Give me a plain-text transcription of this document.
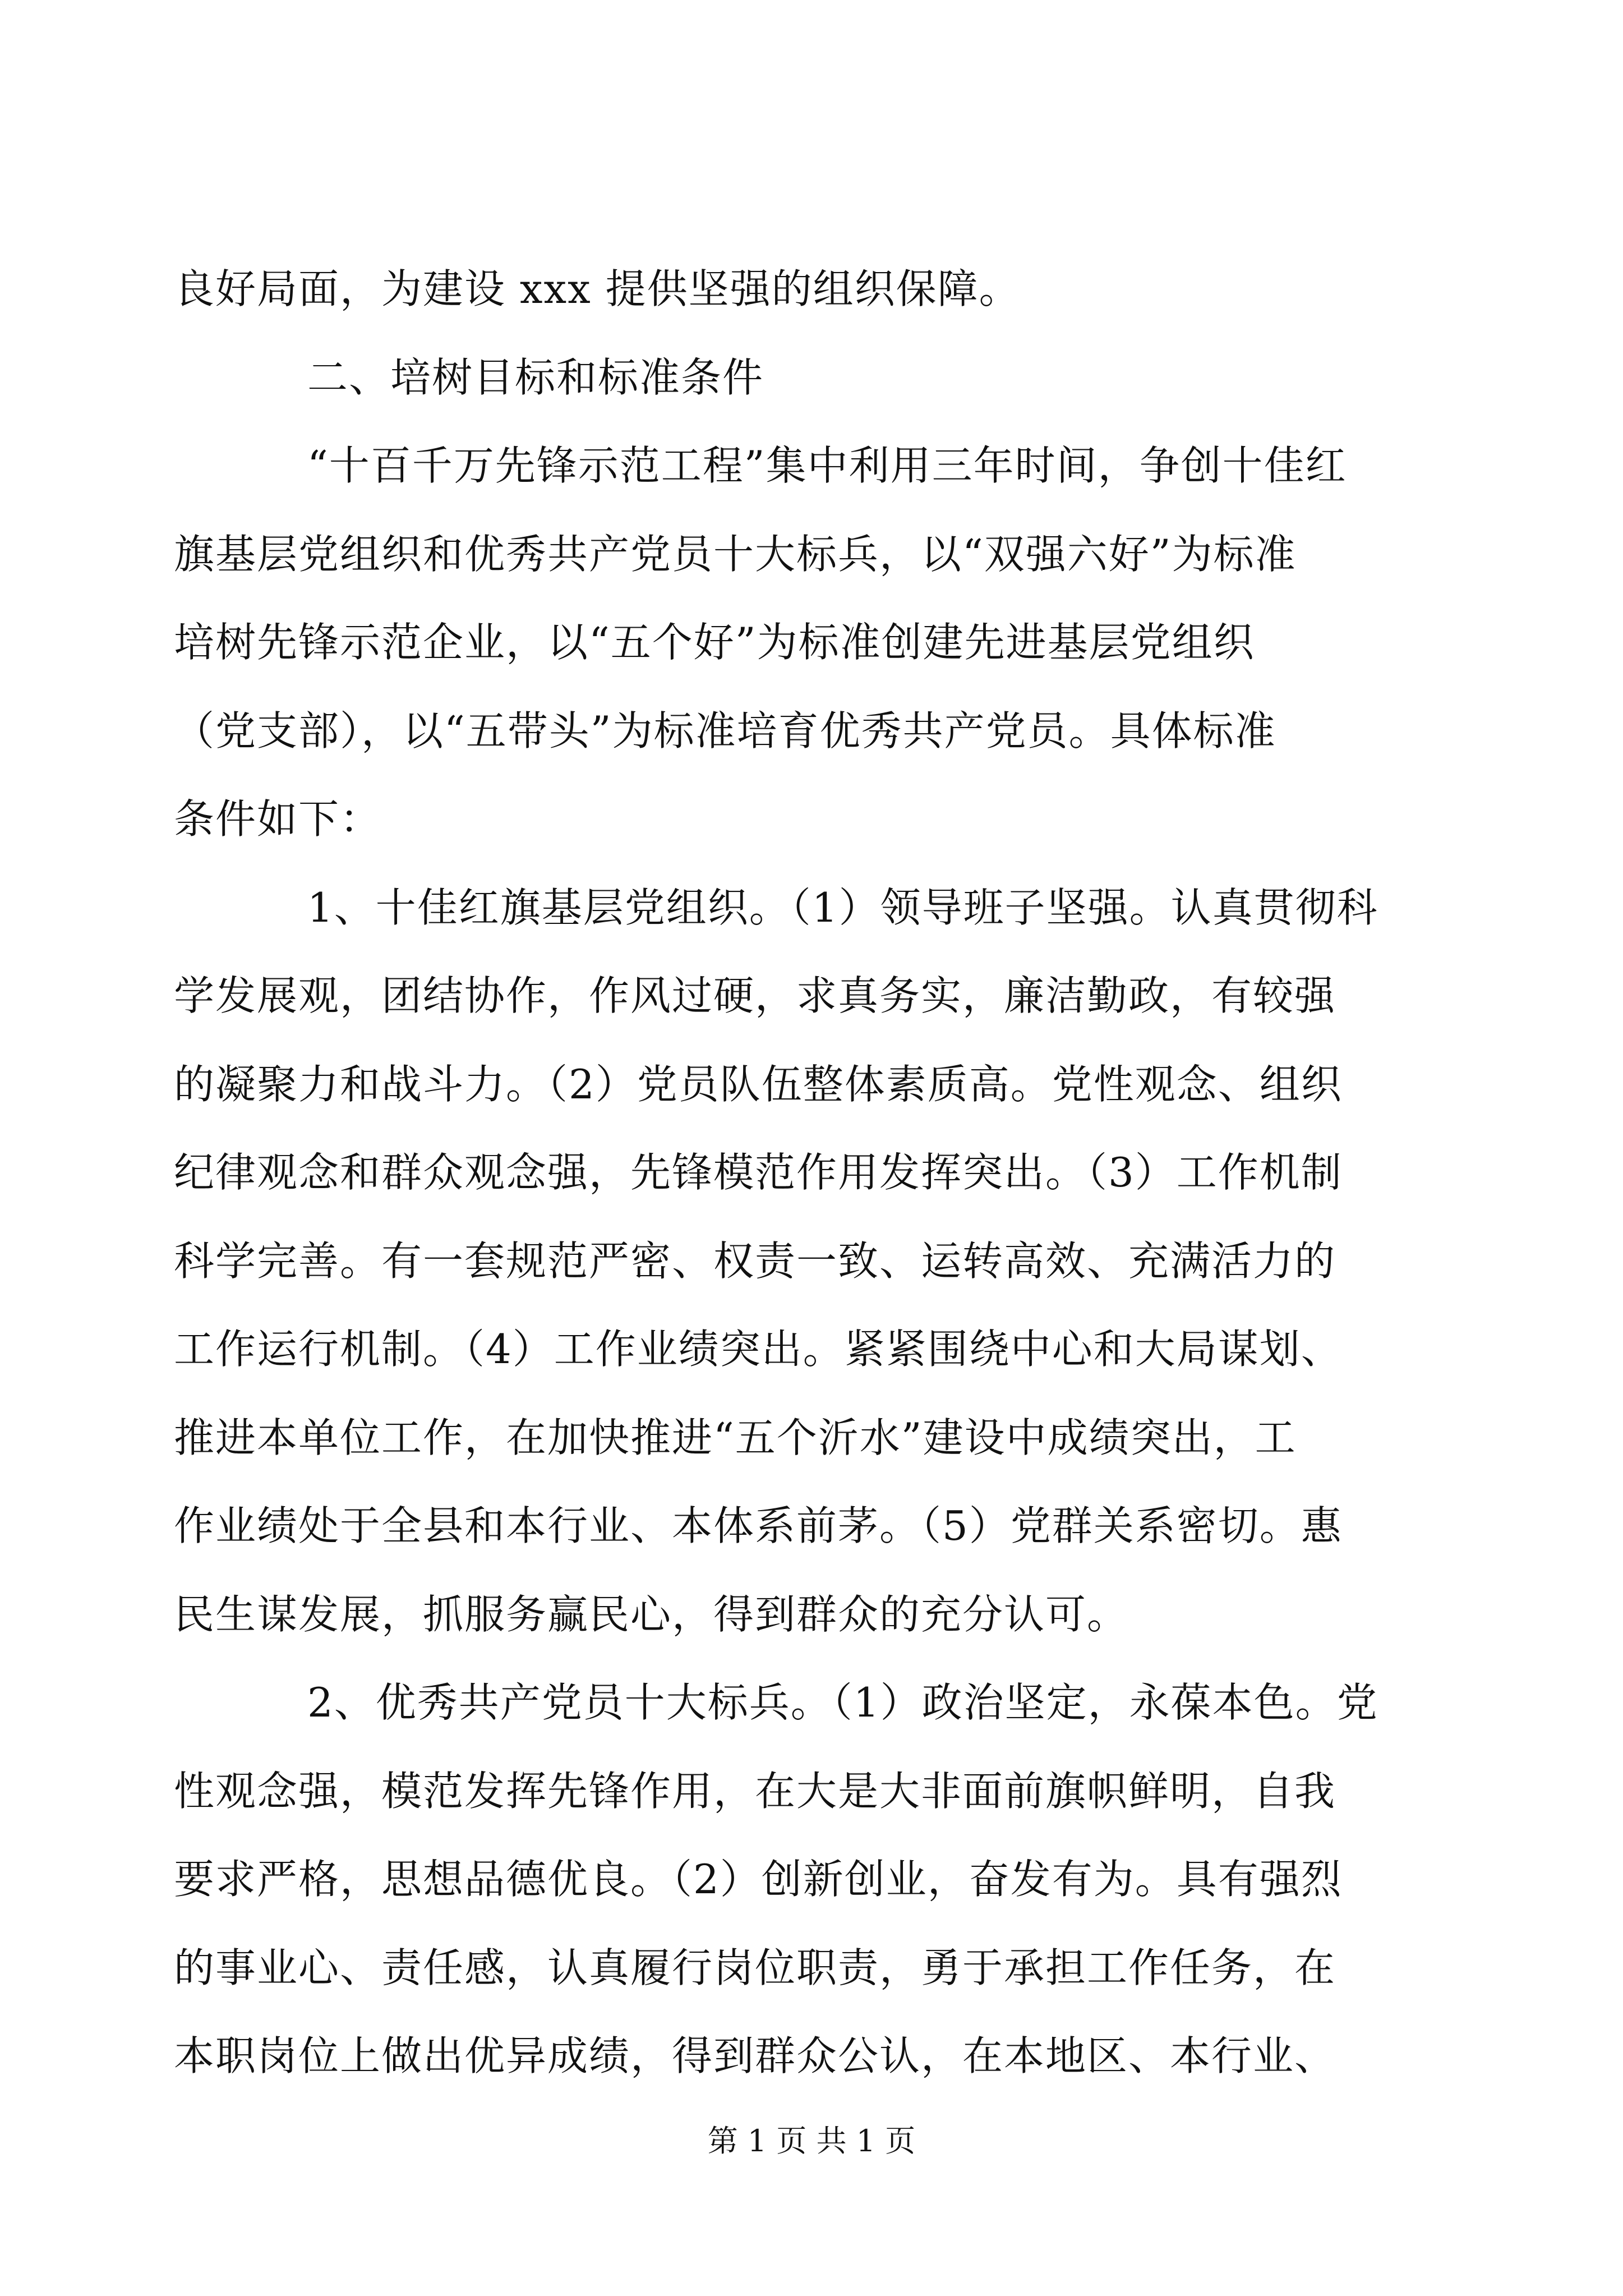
良好局面，为建设 xxx 提供坚强的组织保障。
二、培树目标和标准条件
“十百千万先锋示范工程”集中利用三年时间，争创十佳红
旗基层党组织和优秀共产党员十大标兵，以“双强六好”为标准
培树先锋示范企业，以“五个好”为标准创建先进基层党组织
（党支部），以“五带头”为标准培育优秀共产党员。具体标准
条件如下：
1、十佳红旗基层党组织。（1）领导班子坚强。认真贯彻科
学发展观，团结协作，作风过硬，求真务实，廉洁勤政，有较强
的凝聚力和战斗力。（2）党员队伍整体素质高。党性观念、组织
纪律观念和群众观念强，先锋模范作用发挥突出。（3）工作机制
科学完善。有一套规范严密、权责一致、运转高效、充满活力的
工作运行机制。（4）工作业绩突出。紧紧围绕中心和大局谋划、
推进本单位工作，在加快推进“五个沂水”建设中成绩突出，工
作业绩处于全县和本行业、本体系前茅。（5）党群关系密切。惠
民生谋发展，抓服务赢民心，得到群众的充分认可。
2、优秀共产党员十大标兵。（1）政治坚定，永葆本色。党
性观念强，模范发挥先锋作用，在大是大非面前旗帜鲜明，自我
要求严格，思想品德优良。（2）创新创业，奋发有为。具有强烈
的事业心、责任感，认真履行岗位职责，勇于承担工作任务，在
本职岗位上做出优异成绩，得到群众公认，在本地区、本行业、
第 1 页 共 1 页
